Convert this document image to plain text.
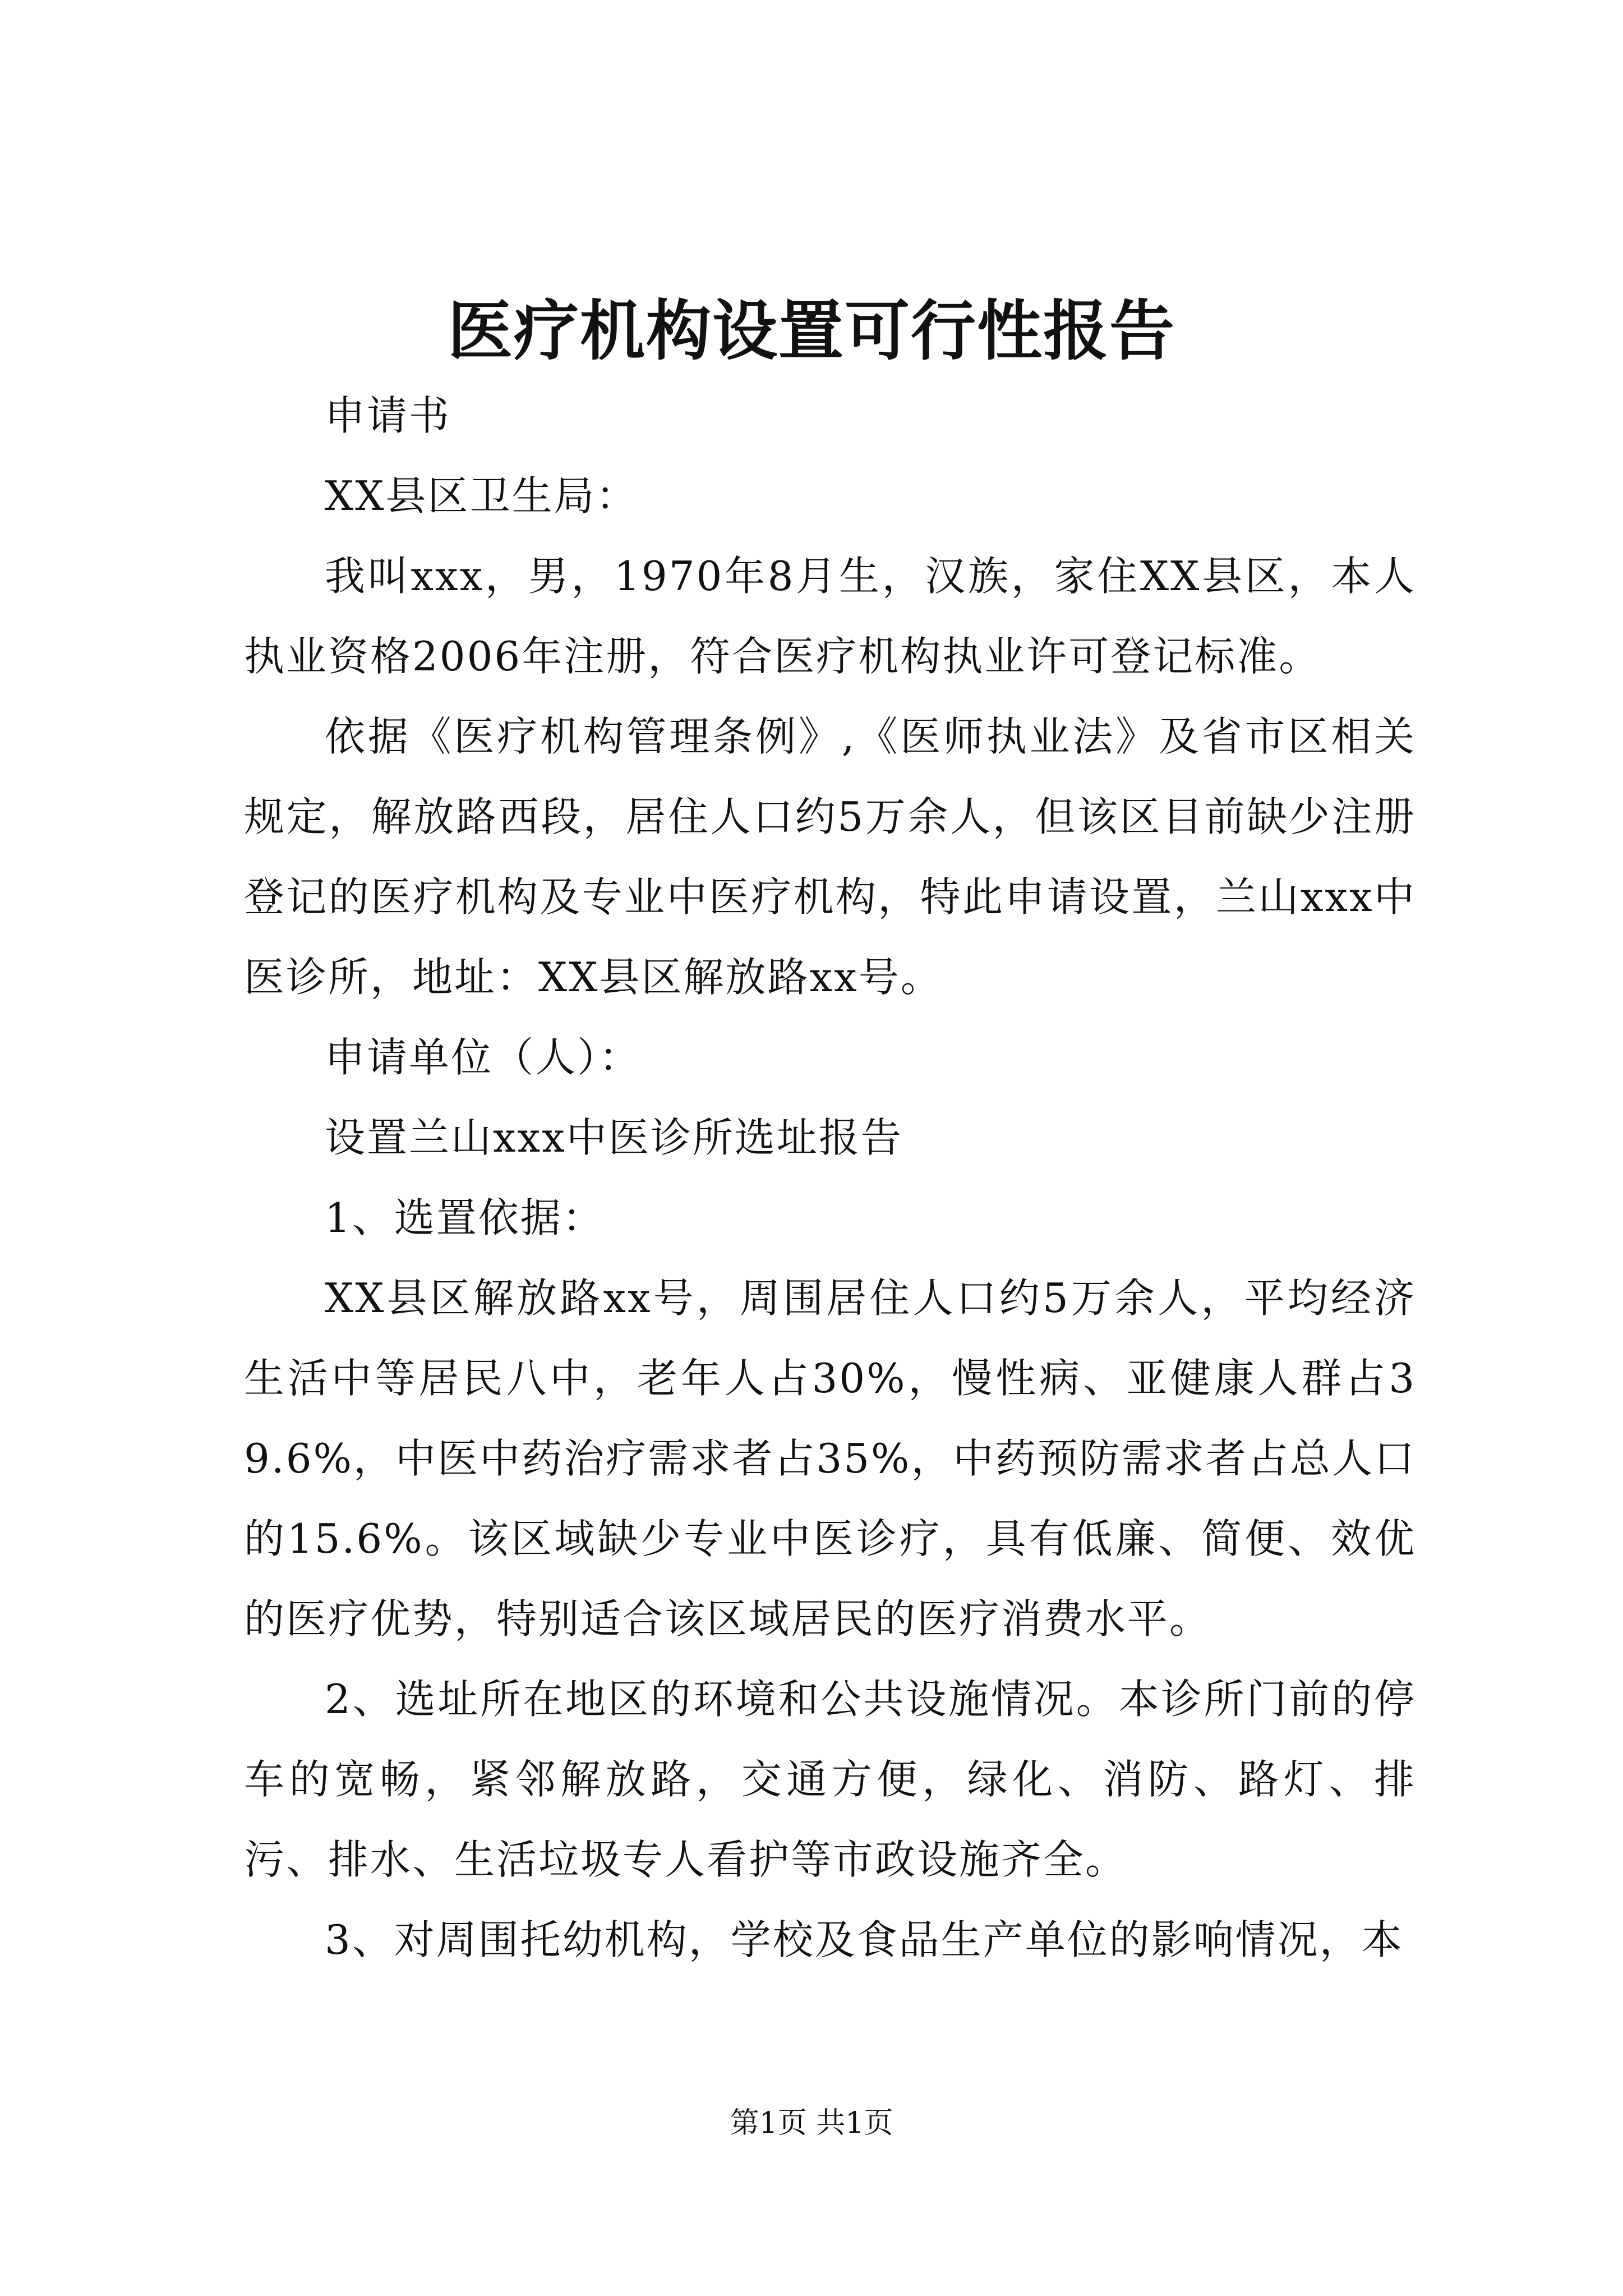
医疗机构设置可行性报告

申请书

XX县区卫生局：

我叫xxx，男，1970年8月生，汉族，家住XX县区，本人执业资格2006年注册，符合医疗机构执业许可登记标准。

依据《医疗机构管理条例》,《医师执业法》及省市区相关规定，解放路西段，居住人口约5万余人，但该区目前缺少注册登记的医疗机构及专业中医疗机构，特此申请设置，兰山xxx中医诊所，地址：XX县区解放路xx号。

申请单位（人）：

设置兰山xxx中医诊所选址报告

1、选置依据：

XX县区解放路xx号，周围居住人口约5万余人，平均经济生活中等居民八中，老年人占30%，慢性病、亚健康人群占39.6%，中医中药治疗需求者占35%，中药预防需求者占总人口的15.6%。该区域缺少专业中医诊疗，具有低廉、简便、效优的医疗优势，特别适合该区域居民的医疗消费水平。

2、选址所在地区的环境和公共设施情况。本诊所门前的停车的宽畅，紧邻解放路，交通方便，绿化、消防、路灯、排污、排水、生活垃圾专人看护等市政设施齐全。

3、对周围托幼机构，学校及食品生产单位的影响情况，本

第1页 共1页
